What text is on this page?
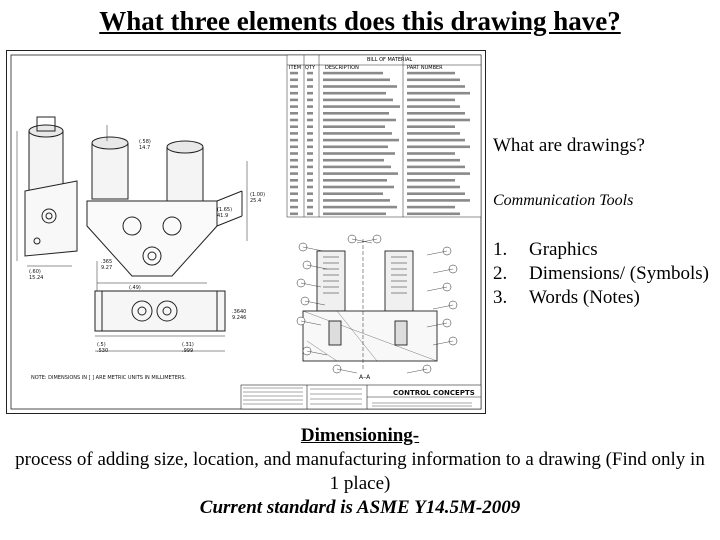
What three elements does this drawing have?
(.58)
14.7
(1.00)
25.4
(1.65)
41.9
.365
9.27
(.49)
(.60)
15.24
BILL OF MATERIAL
ITEM QTY DESCRIPTION	PART NUMBER
(.5)
.530
(.31)
.999
.3640
9.246
NOTE: DIMENSIONS IN [ ] ARE METRIC UNITS IN MILLIMETERS.	A–A
CONTROL CONCEPTS
What are drawings?
Communication Tools
1.	Graphics
2.	Dimensions/ (Symbols)
3.	Words (Notes)
Dimensioning-
process of adding size, location, and manufacturing information to a drawing (Find only in 1 place)
Current standard is ASME Y14.5M-2009
